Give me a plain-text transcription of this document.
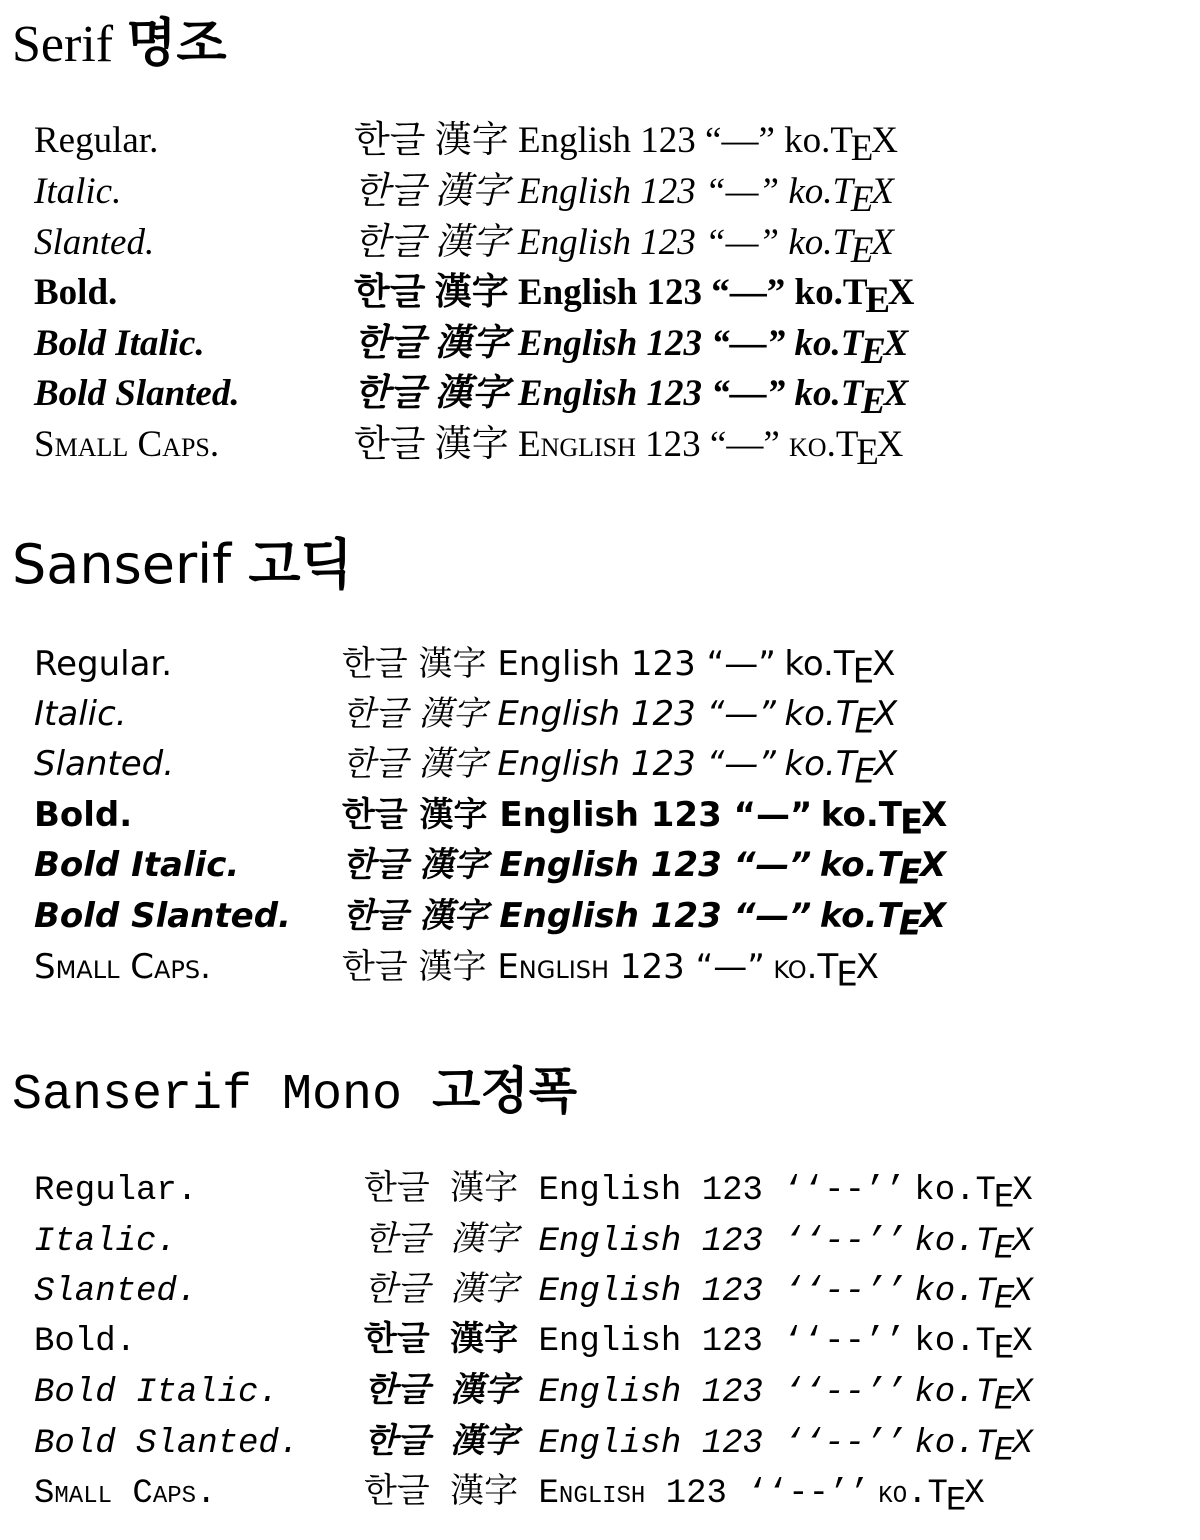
Serif 명조
Regular.	한글 漢字 English 123 “—” ko.TEX
Italic.	한글 漢字 English 123 “—” ko.TEX
Slanted.	한글 漢字 English 123 “—” ko.TEX
Bold.	한글 漢字 English 123 “—” ko.TEX
Bold Italic.	한글 漢字 English 123 “—” ko.TEX
Bold Slanted.	한글 漢字 English 123 “—” ko.TEX
Small Caps.	한글 漢字 English 123 “—” ko.TEX
Sanserif 고딕
Regular.	한글 漢字 English 123 “—” ko.TEX
Italic.	한글 漢字 English 123 “—” ko.TEX
Slanted.	한글 漢字 English 123 “—” ko.TEX
Bold.	한글 漢字 English 123 “—” ko.TEX
Bold Italic.	한글 漢字 English 123 “—” ko.TEX
Bold Slanted. 한글 漢字 English 123 “—” ko.TEX
Small Caps.	한글 漢字 English 123 “—” ko.TEX
Sanserif Mono 고정폭
Regular.	한글 漢字 English 123 ‘‘--’’ ko.TEX
Italic.	한글 漢字 English 123 ‘‘--’’ ko.TEX
Slanted.	한글 漢字 English 123 ‘‘--’’ ko.TEX
Bold.	한글 漢字 English 123 ‘‘--’’ ko.TEX
Bold Italic.	한글 漢字 English 123 ‘‘--’’ ko.TEX
Bold Slanted. 한글 漢字 English 123 ‘‘--’’ ko.TEX
Small Caps.	한글 漢字 English 123 ‘‘--’’ ko.TEX
